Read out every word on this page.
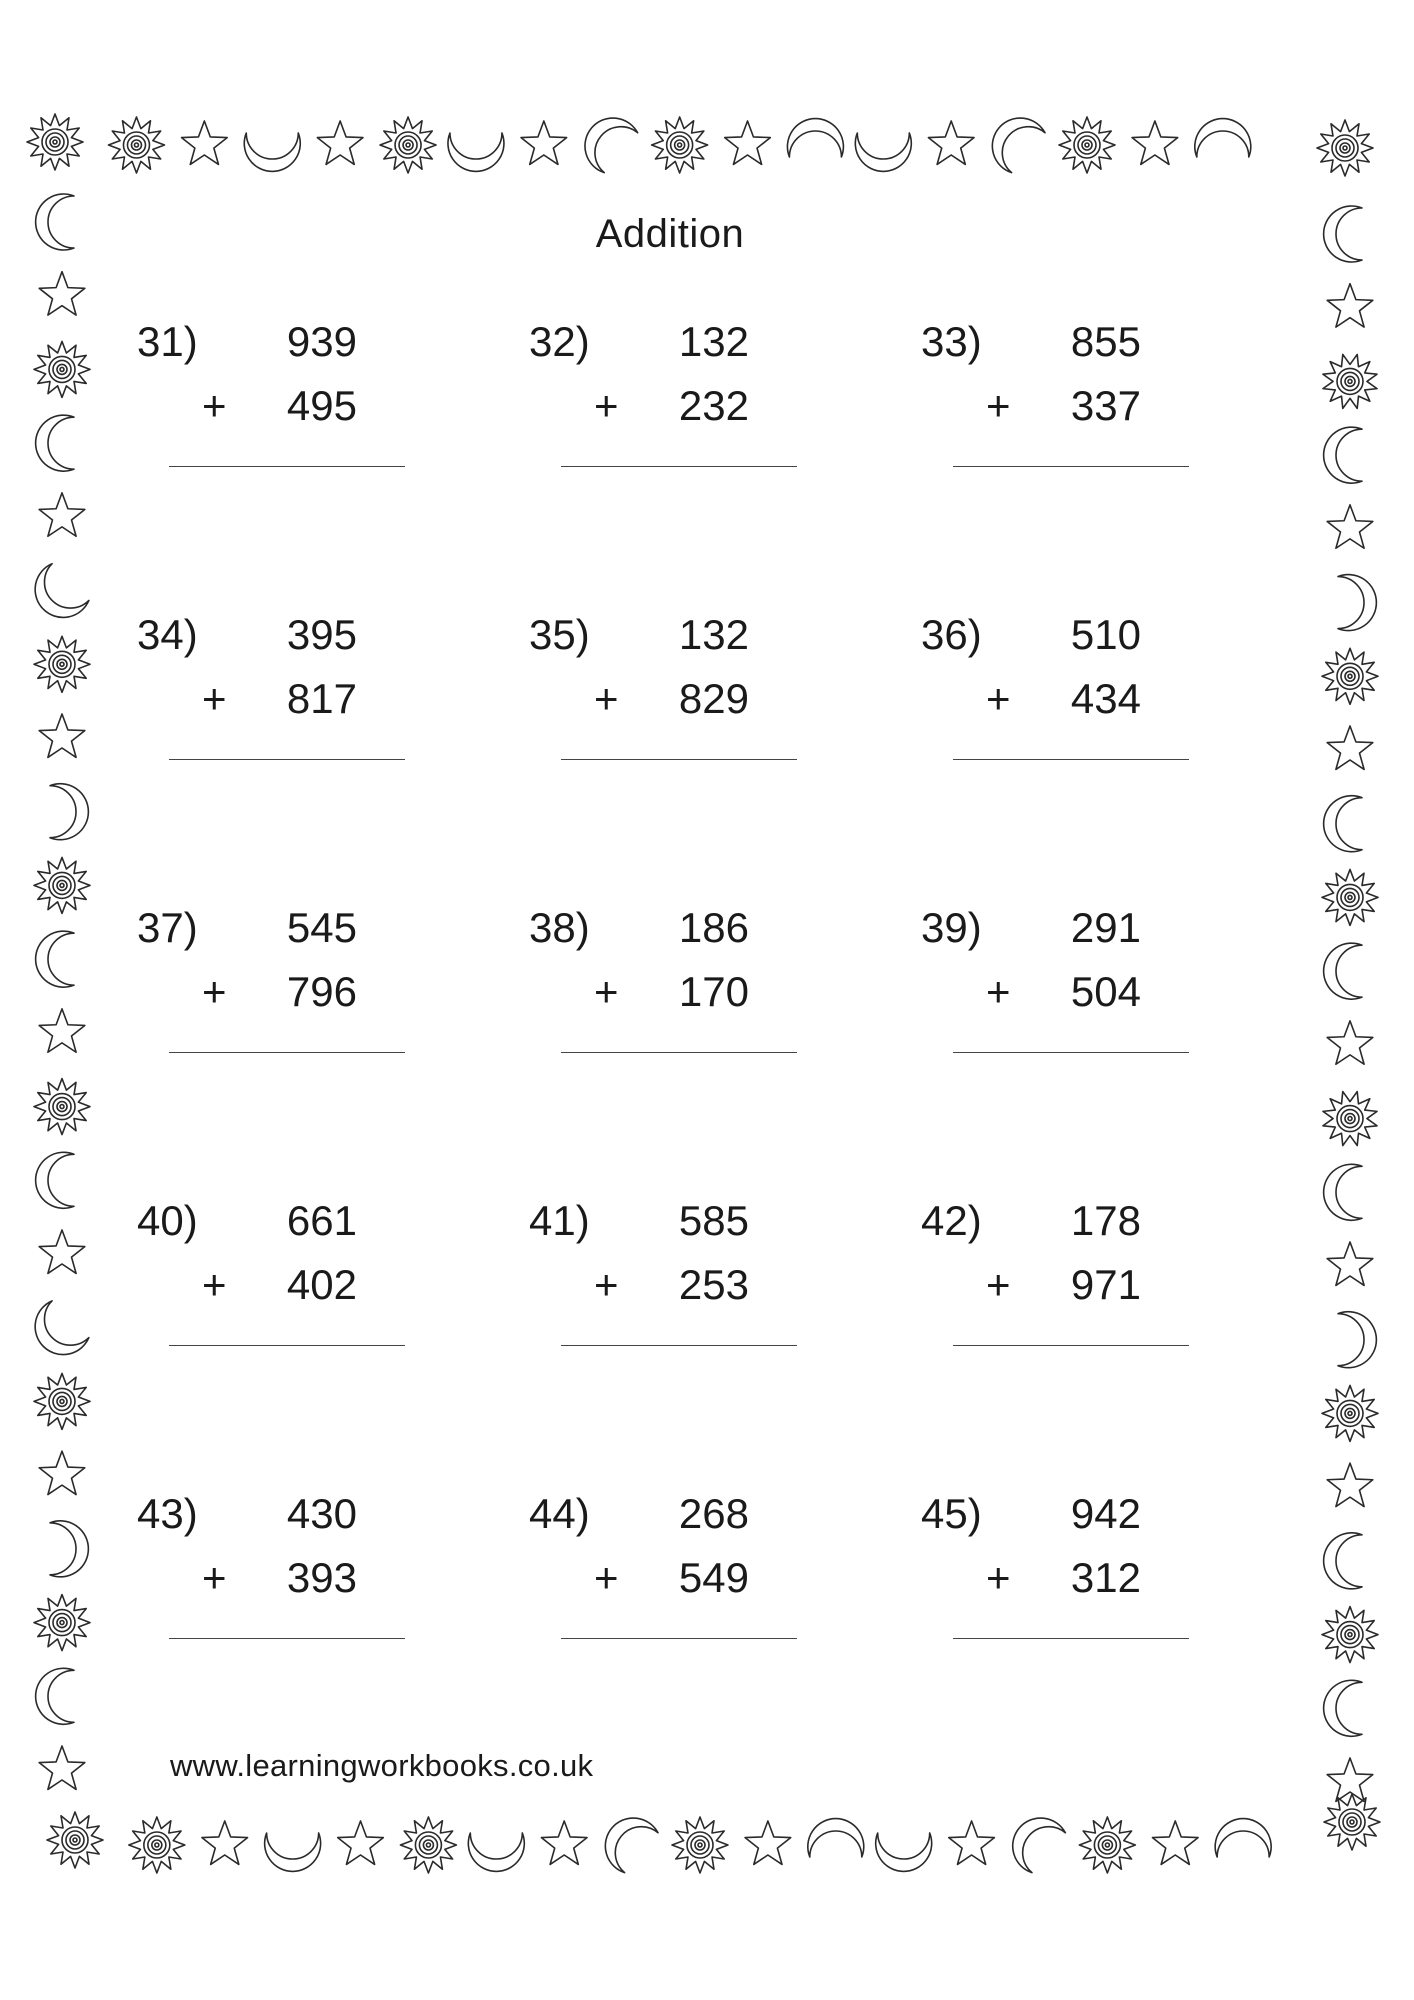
Addition
31) 939
+ 495
32) 132
+ 232
33) 855
+ 337
34) 395
+ 817
35) 132
+ 829
36) 510
+ 434
37) 545
+ 796
38) 186
+ 170
39) 291
+ 504
40) 661
+ 402
41) 585
+ 253
42) 178
+ 971
43) 430
+ 393
44) 268
+ 549
45) 942
+ 312
www.learningworkbooks.co.uk
